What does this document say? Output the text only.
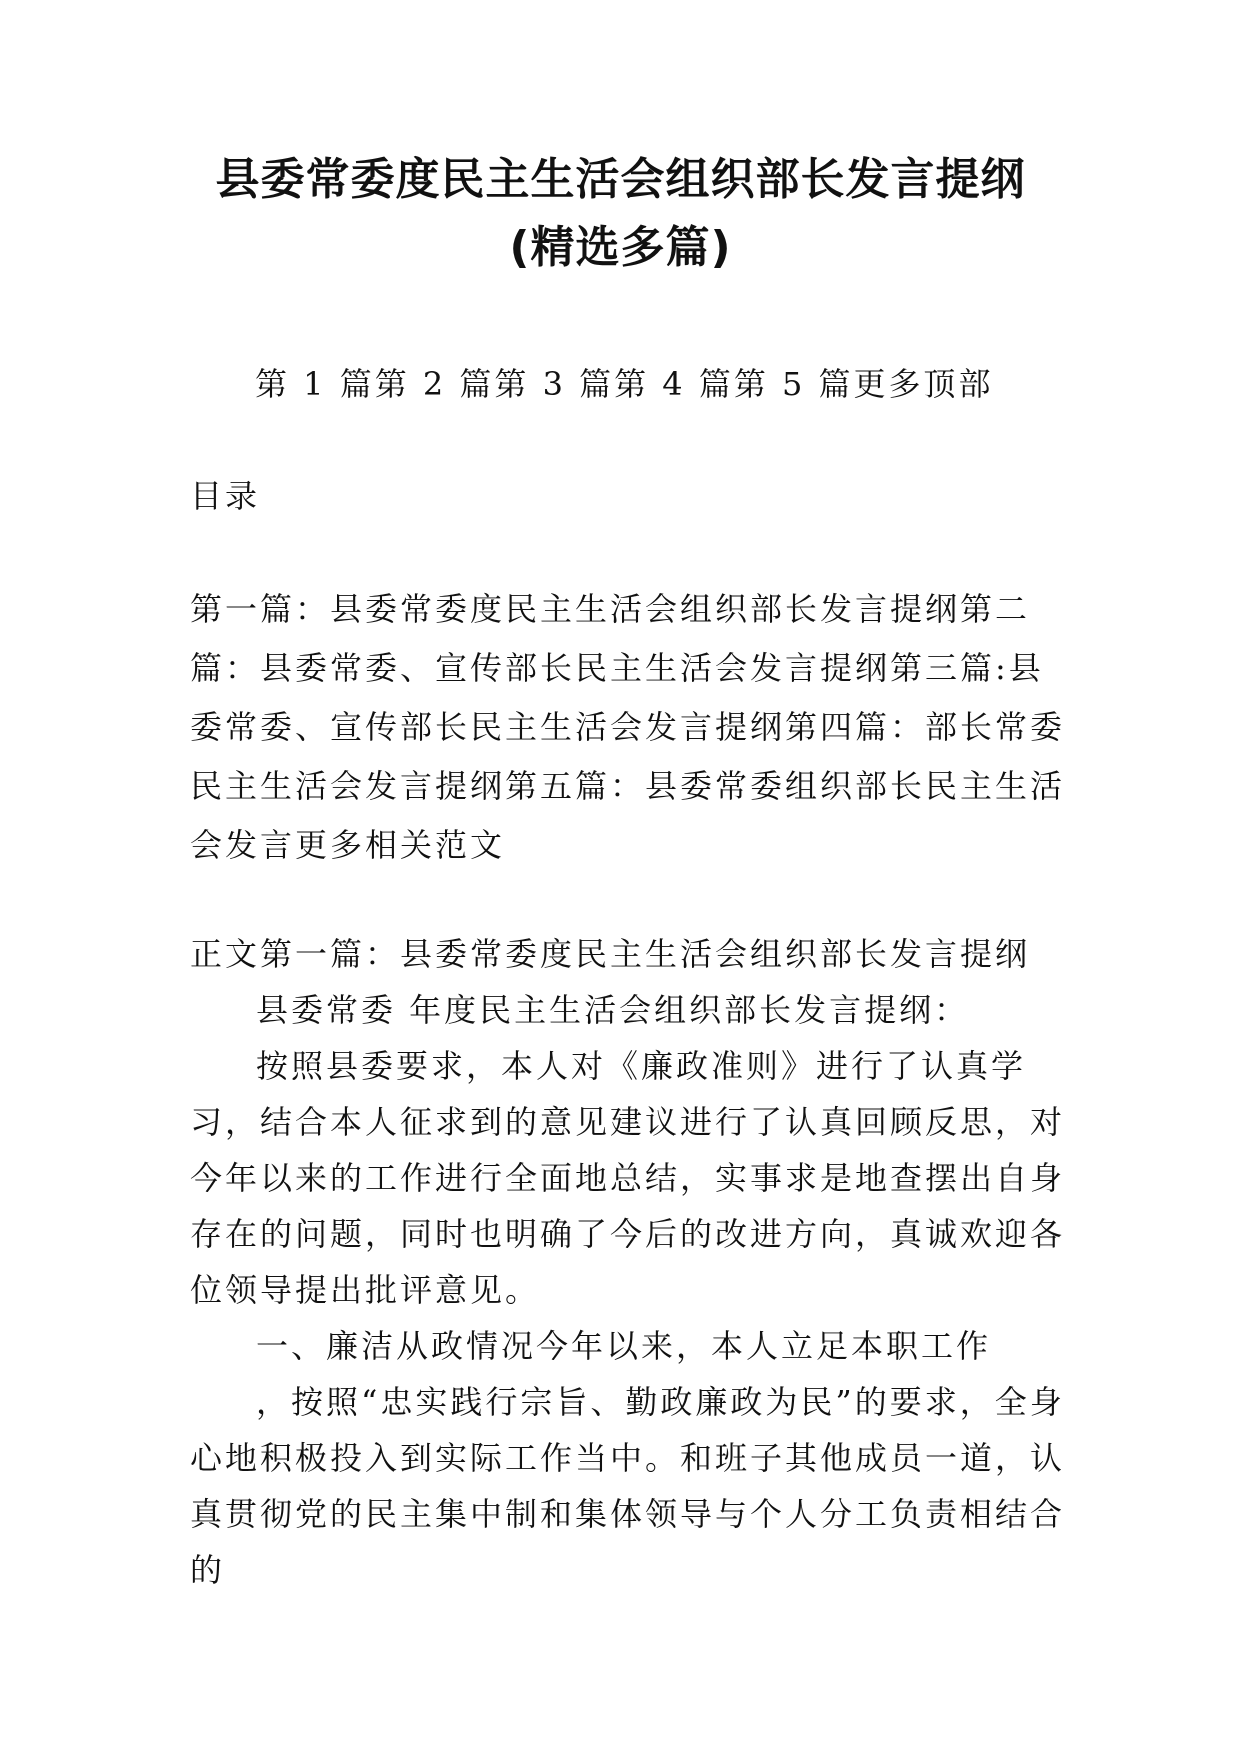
县委常委度民主生活会组织部长发言提纲
(精选多篇)
第 1 篇第 2 篇第 3 篇第 4 篇第 5 篇更多顶部
目录
第一篇：县委常委度民主生活会组织部长发言提纲第二篇：县委常委、宣传部长民主生活会发言提纲第三篇:县委常委、宣传部长民主生活会发言提纲第四篇：部长常委民主生活会发言提纲第五篇：县委常委组织部长民主生活会发言更多相关范文

正文第一篇：县委常委度民主生活会组织部长发言提纲

县委常委 年度民主生活会组织部长发言提纲：

按照县委要求，本人对《廉政准则》进行了认真学习，结合本人征求到的意见建议进行了认真回顾反思，对今年以来的工作进行全面地总结，实事求是地查摆出自身存在的问题，同时也明确了今后的改进方向，真诚欢迎各位领导提出批评意见。

一、廉洁从政情况今年以来，本人立足本职工作

，按照“忠实践行宗旨、勤政廉政为民”的要求，全身心地积极投入到实际工作当中。和班子其他成员一道，认真贯彻党的民主集中制和集体领导与个人分工负责相结合的
